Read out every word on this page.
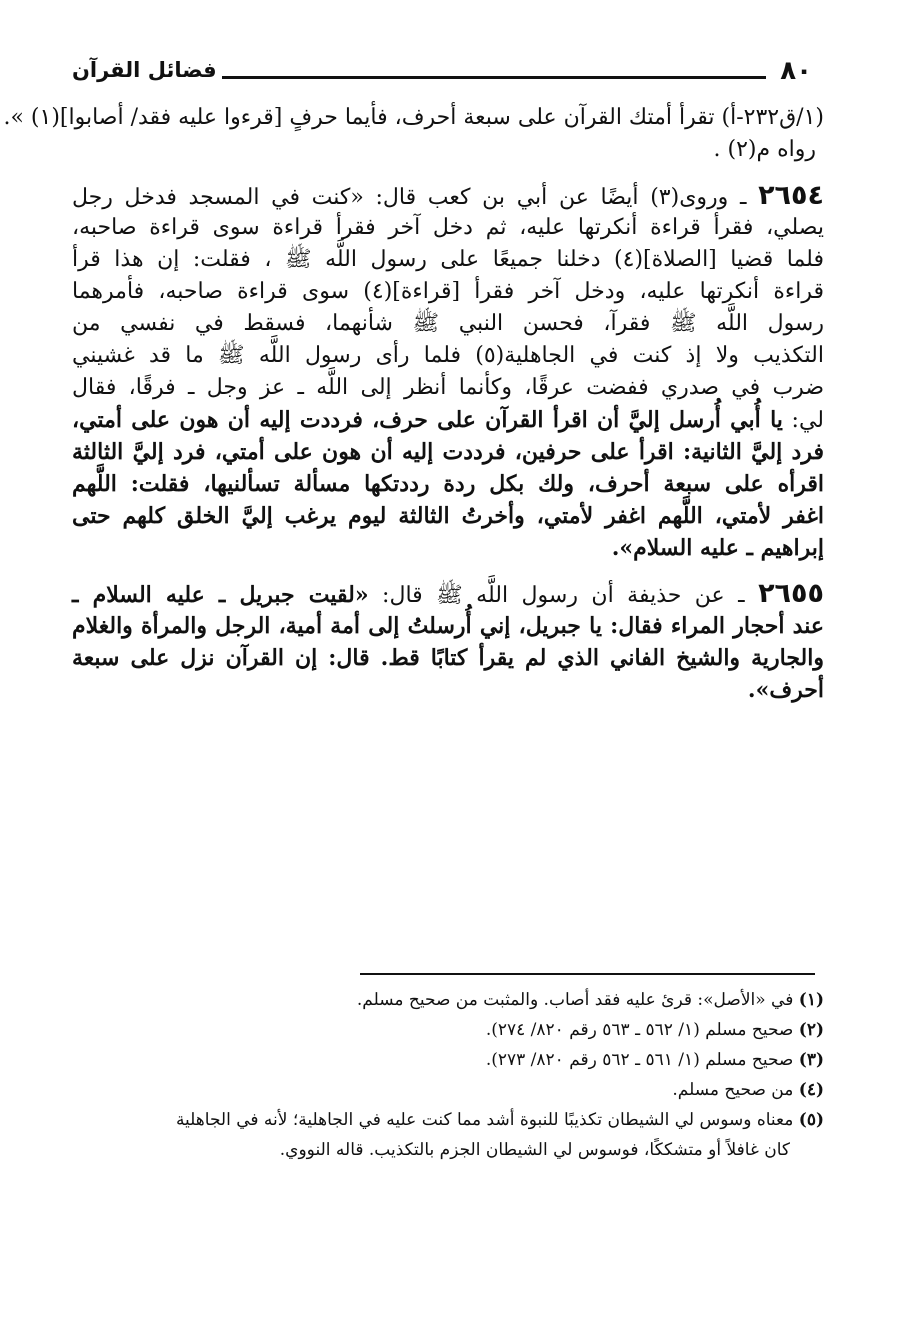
٨٠
فضائل القرآن
(١/ق٢٣٢-أ) تقرأ أمتك القرآن على سبعة أحرف، فأيما حرفٍ [قرءوا عليه فقد/ أصابوا](١) ».
رواه م(٢) .
٢٦٥٤ ـ وروى(٣) أيضًا عن أبي بن كعب قال: «كنت في المسجد فدخل رجل
يصلي، فقرأ قراءة أنكرتها عليه، ثم دخل آخر فقرأ قراءة سوى قراءة صاحبه،
فلما قضيا [الصلاة](٤) دخلنا جميعًا على رسول اللَّه ﷺ ، فقلت: إن هذا قرأ
قراءة أنكرتها عليه، ودخل آخر فقرأ [قراءة](٤) سوى قراءة صاحبه، فأمرهما
رسول اللَّه ﷺ فقرآ، فحسن النبي ﷺ شأنهما، فسقط في نفسي من
التكذيب ولا إذ كنت في الجاهلية(٥) فلما رأى رسول اللَّه ﷺ ما قد غشيني
ضرب في صدري ففضت عرقًا، وكأنما أنظر إلى اللَّه ـ عز وجل ـ فرقًا، فقال
لي: يا أُبي أُرسل إليَّ أن اقرأ القرآن على حرف، فرددت إليه أن هون على أمتي،
فرد إليَّ الثانية: اقرأ على حرفين، فرددت إليه أن هون على أمتي، فرد إليَّ الثالثة
اقرأه على سبعة أحرف، ولك بكل ردة رددتكها مسألة تسألنيها، فقلت: اللَّهم
اغفر لأمتي، اللَّهم اغفر لأمتي، وأخرتُ الثالثة ليوم يرغب إليَّ الخلق كلهم حتى
إبراهيم ـ عليه السلام».
٢٦٥٥ ـ عن حذيفة أن رسول اللَّه ﷺ قال: «لقيت جبريل ـ عليه السلام ـ
عند أحجار المراء فقال: يا جبريل، إني أُرسلتُ إلى أمة أمية، الرجل والمرأة والغلام
والجارية والشيخ الفاني الذي لم يقرأ كتابًا قط. قال: إن القرآن نزل على سبعة
أحرف».
(١) في «الأصل»: قرئ عليه فقد أصاب. والمثبت من صحيح مسلم.
(٢) صحيح مسلم (١/ ٥٦٢ ـ ٥٦٣ رقم ٨٢٠/ ٢٧٤).
(٣) صحيح مسلم (١/ ٥٦١ ـ ٥٦٢ رقم ٨٢٠/ ٢٧٣).
(٤) من صحيح مسلم.
(٥) معناه وسوس لي الشيطان تكذيبًا للنبوة أشد مما كنت عليه في الجاهلية؛ لأنه في الجاهلية
كان غافلاً أو متشككًا، فوسوس لي الشيطان الجزم بالتكذيب. قاله النووي.
